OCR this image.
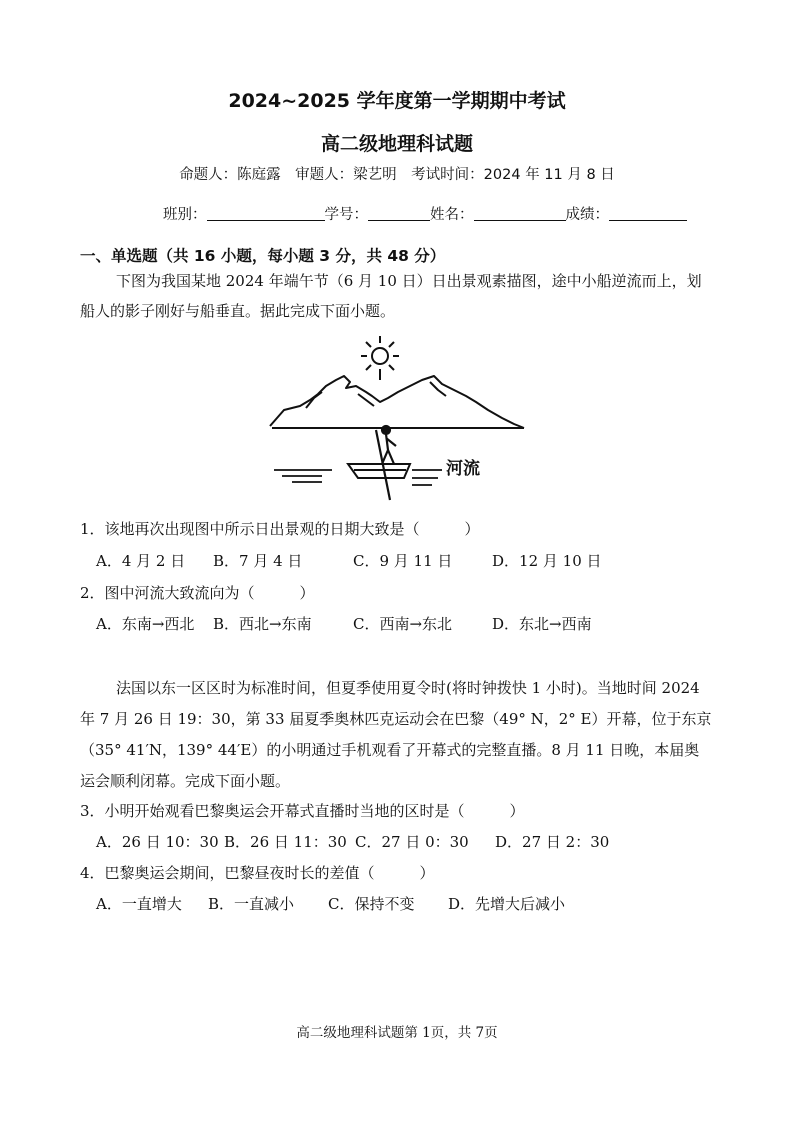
2024~2025 学年度第一学期期中考试
高二级地理科试题
命题人：陈庭露　审题人：梁艺明　考试时间：2024 年 11 月 8 日
班别：	学号：	姓名：	成绩：
一、单选题（共 16 小题，每小题 3 分，共 48 分）
下图为我国某地 2024 年端午节（6 月 10 日）日出景观素描图，途中小船逆流而上，划
船人的影子刚好与船垂直。据此完成下面小题。
河流
1．该地再次出现图中所示日出景观的日期大致是（　　　）
A．4 月 2 日 B．7 月 4 日	C．9 月 11 日	D．12 月 10 日
2．图中河流大致流向为（　　　）
A．东南→西北 B．西北→东南	C．西南→东北	D．东北→西南
法国以东一区区时为标准时间，但夏季使用夏令时(将时钟拨快 1 小时)。当地时间 2024
年 7 月 26 日 19：30，第 33 届夏季奥林匹克运动会在巴黎（49° N，2° E）开幕，位于东京
（35° 41′N，139° 44′E）的小明通过手机观看了开幕式的完整直播。8 月 11 日晚，本届奥
运会顺利闭幕。完成下面小题。
3．小明开始观看巴黎奥运会开幕式直播时当地的区时是（　　　）
A．26 日 10：30 B．26 日 11：30 C．27 日 0：30 D．27 日 2：30
4．巴黎奥运会期间，巴黎昼夜时长的差值（　　　）
A．一直增大 B．一直减小 C．保持不变 D．先增大后减小
高二级地理科试题第 1页，共 7页
